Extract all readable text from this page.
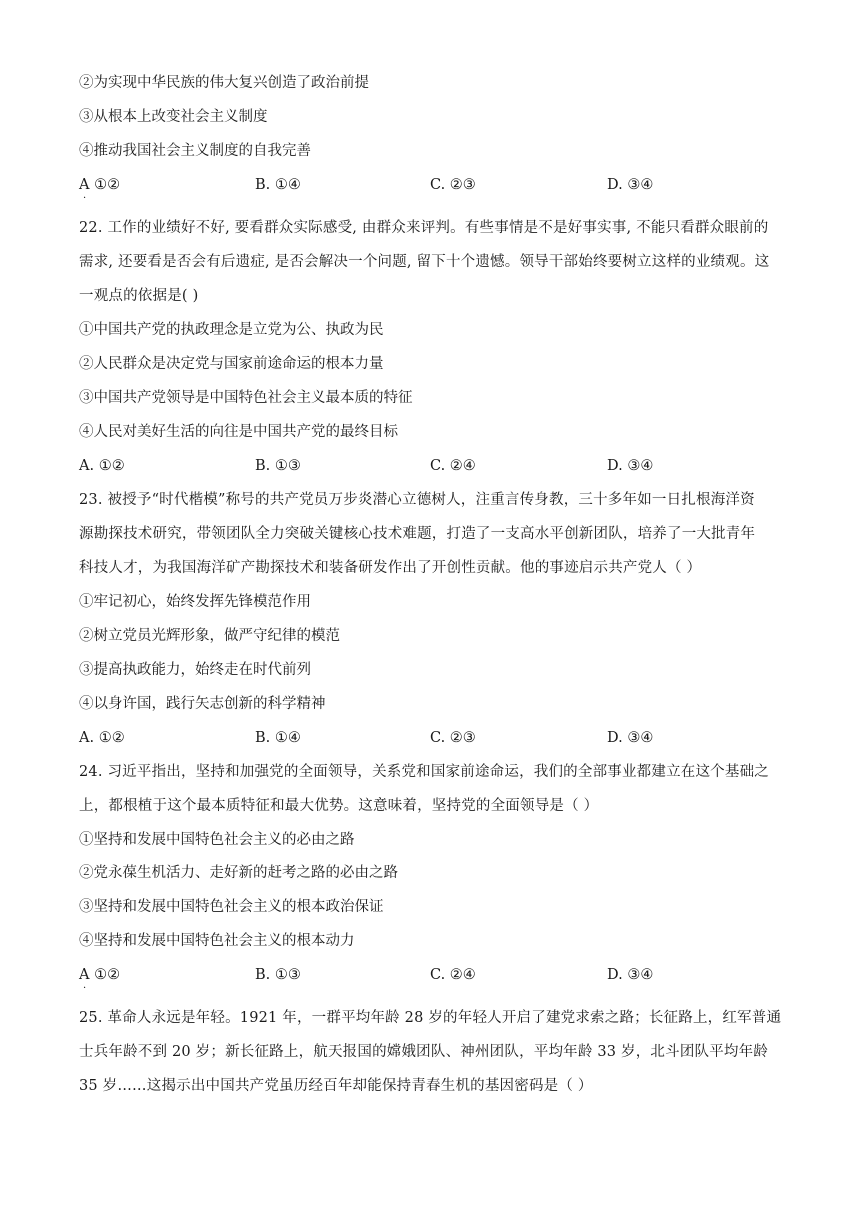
②为实现中华民族的伟大复兴创造了政治前提
③从根本上改变社会主义制度
④推动我国社会主义制度的自我完善
A ①②
·
B. ①④	C. ②③	D. ③④
22. 工作的业绩好不好, 要看群众实际感受, 由群众来评判。有些事情是不是好事实事, 不能只看群众眼前的
需求, 还要看是否会有后遗症, 是否会解决一个问题, 留下十个遗憾。领导干部始终要树立这样的业绩观。这
一观点的依据是( )
①中国共产党的执政理念是立党为公、执政为民
②人民群众是决定党与国家前途命运的根本力量
③中国共产党领导是中国特色社会主义最本质的特征
④人民对美好生活的向往是中国共产党的最终目标
A. ①②	B. ①③	C. ②④	D. ③④
23. 被授予“时代楷模”称号的共产党员万步炎潜心立德树人，注重言传身教，三十多年如一日扎根海洋资
源勘探技术研究，带领团队全力突破关键核心技术难题，打造了一支高水平创新团队，培养了一大批青年
科技人才，为我国海洋矿产勘探技术和装备研发作出了开创性贡献。他的事迹启示共产党人（ ）
①牢记初心，始终发挥先锋模范作用
②树立党员光辉形象，做严守纪律的模范
③提高执政能力，始终走在时代前列
④以身许国，践行矢志创新的科学精神
A. ①②	B. ①④	C. ②③	D. ③④
24. 习近平指出，坚持和加强党的全面领导，关系党和国家前途命运，我们的全部事业都建立在这个基础之
上，都根植于这个最本质特征和最大优势。这意味着，坚持党的全面领导是（ ）
①坚持和发展中国特色社会主义的必由之路
②党永葆生机活力、走好新的赶考之路的必由之路
③坚持和发展中国特色社会主义的根本政治保证
④坚持和发展中国特色社会主义的根本动力
A ①②
·
B. ①③	C. ②④	D. ③④
25. 革命人永远是年轻。1921 年，一群平均年龄 28 岁的年轻人开启了建党求索之路；长征路上，红军普通
士兵年龄不到 20 岁；新长征路上，航天报国的嫦娥团队、神州团队，平均年龄 33 岁，北斗团队平均年龄
35 岁……这揭示出中国共产党虽历经百年却能保持青春生机的基因密码是（ ）
